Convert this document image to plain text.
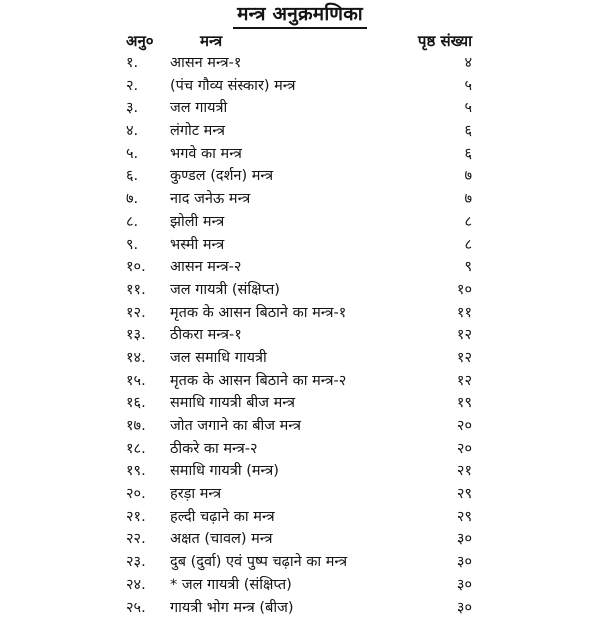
मन्त्र अनुक्रमणिका
अनु०	मन्त्र	पृष्ठ संख्या
१. आसन मन्त्र-१	४
२. (पंच गौव्य संस्कार) मन्त्र	५
३. जल गायत्री	५
४. लंगोट मन्त्र	६
५. भगवे का मन्त्र	६
६. कुण्डल (दर्शन) मन्त्र	७
७. नाद जनेऊ मन्त्र	७
८. झोली मन्त्र	८
९. भस्मी मन्त्र	८
१०. आसन मन्त्र-२	९
११. जल गायत्री (संक्षिप्त)	१०
१२. मृतक के आसन बिठाने का मन्त्र-१	११
१३. ठीकरा मन्त्र-१	१२
१४. जल समाधि गायत्री	१२
१५. मृतक के आसन बिठाने का मन्त्र-२	१२
१६. समाधि गायत्री बीज मन्त्र	१९
१७. जोत जगाने का बीज मन्त्र	२०
१८. ठीकरे का मन्त्र-२	२०
१९. समाधि गायत्री (मन्त्र)	२१
२०. हरड़ा मन्त्र	२९
२१. हल्दी चढ़ाने का मन्त्र	२९
२२. अक्षत (चावल) मन्त्र	३०
२३. दुब (दुर्वा) एवं पुष्प चढ़ाने का मन्त्र	३०
२४. * जल गायत्री (संक्षिप्त)	३०
२५. गायत्री भोग मन्त्र (बीज)	३०
